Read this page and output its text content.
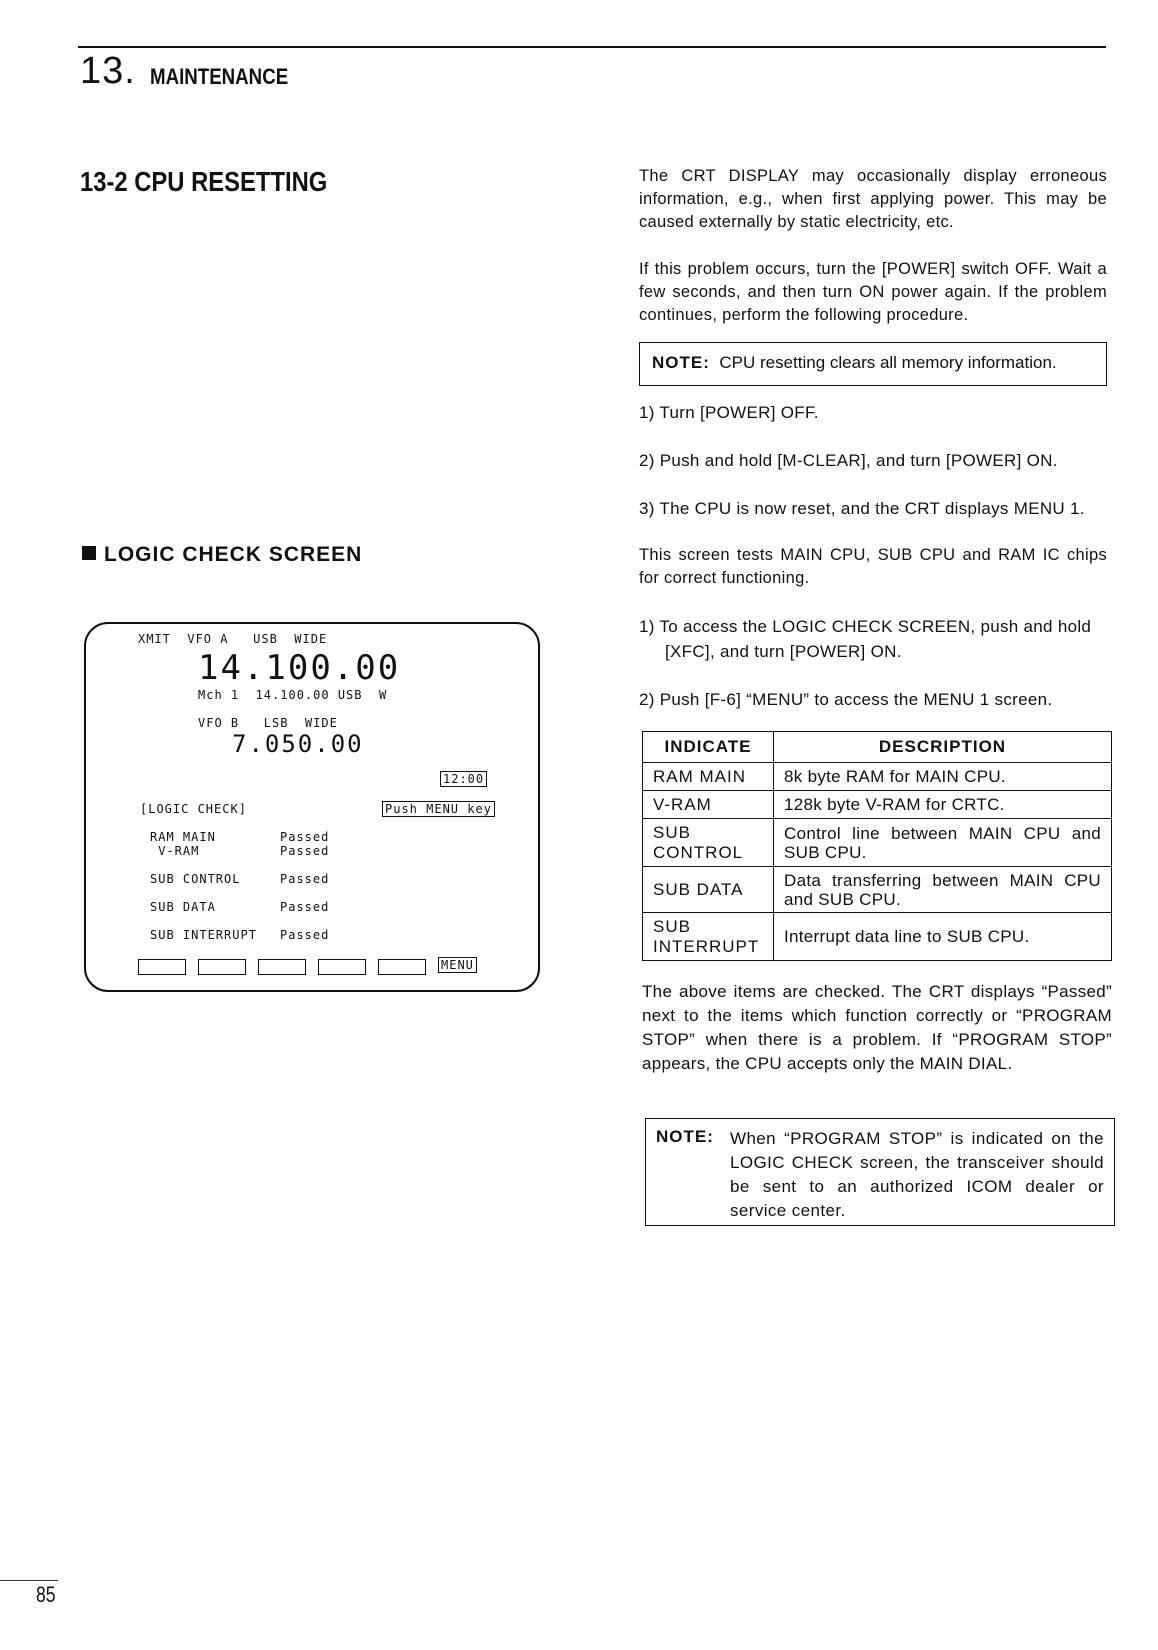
13. MAINTENANCE
13-2 CPU RESETTING
LOGIC CHECK SCREEN
XMIT  VFO A   USB  WIDE
14.100.00
Mch 1  14.100.00 USB  W
VFO B   LSB  WIDE
7.050.00
12:00
[LOGIC CHECK]	Push MENU key
RAM MAIN	Passed
V-RAM	Passed
SUB CONTROL	Passed
SUB DATA	Passed
SUB INTERRUPT Passed
MENU
The CRT DISPLAY may occasionally display erroneous information, e.g., when first applying power. This may be caused externally by static electricity, etc.
If this problem occurs, turn the [POWER] switch OFF. Wait a few seconds, and then turn ON power again. If the problem continues, perform the following procedure.
NOTE: CPU resetting clears all memory information.
1) Turn [POWER] OFF.
2) Push and hold [M-CLEAR], and turn [POWER] ON.
3) The CPU is now reset, and the CRT displays MENU 1.
This screen tests MAIN CPU, SUB CPU and RAM IC chips for correct functioning.
1) To access the LOGIC CHECK SCREEN, push and hold
[XFC], and turn [POWER] ON.
2) Push [F-6] “MENU” to access the MENU 1 screen.
INDICATE	DESCRIPTION
RAM MAIN	8k byte RAM for MAIN CPU.
V-RAM	128k byte V-RAM for CRTC.
SUB CONTROL	Control line between MAIN CPU and SUB CPU.
SUB DATA	Data transferring between MAIN CPU and SUB CPU.
SUB INTERRUPT	Interrupt data line to SUB CPU.
The above items are checked. The CRT displays “Passed” next to the items which function correctly or “PROGRAM STOP” when there is a problem. If “PROGRAM STOP” appears, the CPU accepts only the MAIN DIAL.
NOTE: When “PROGRAM STOP” is indicated on the LOGIC CHECK screen, the transceiver should be sent to an authorized ICOM dealer or service center.
85
